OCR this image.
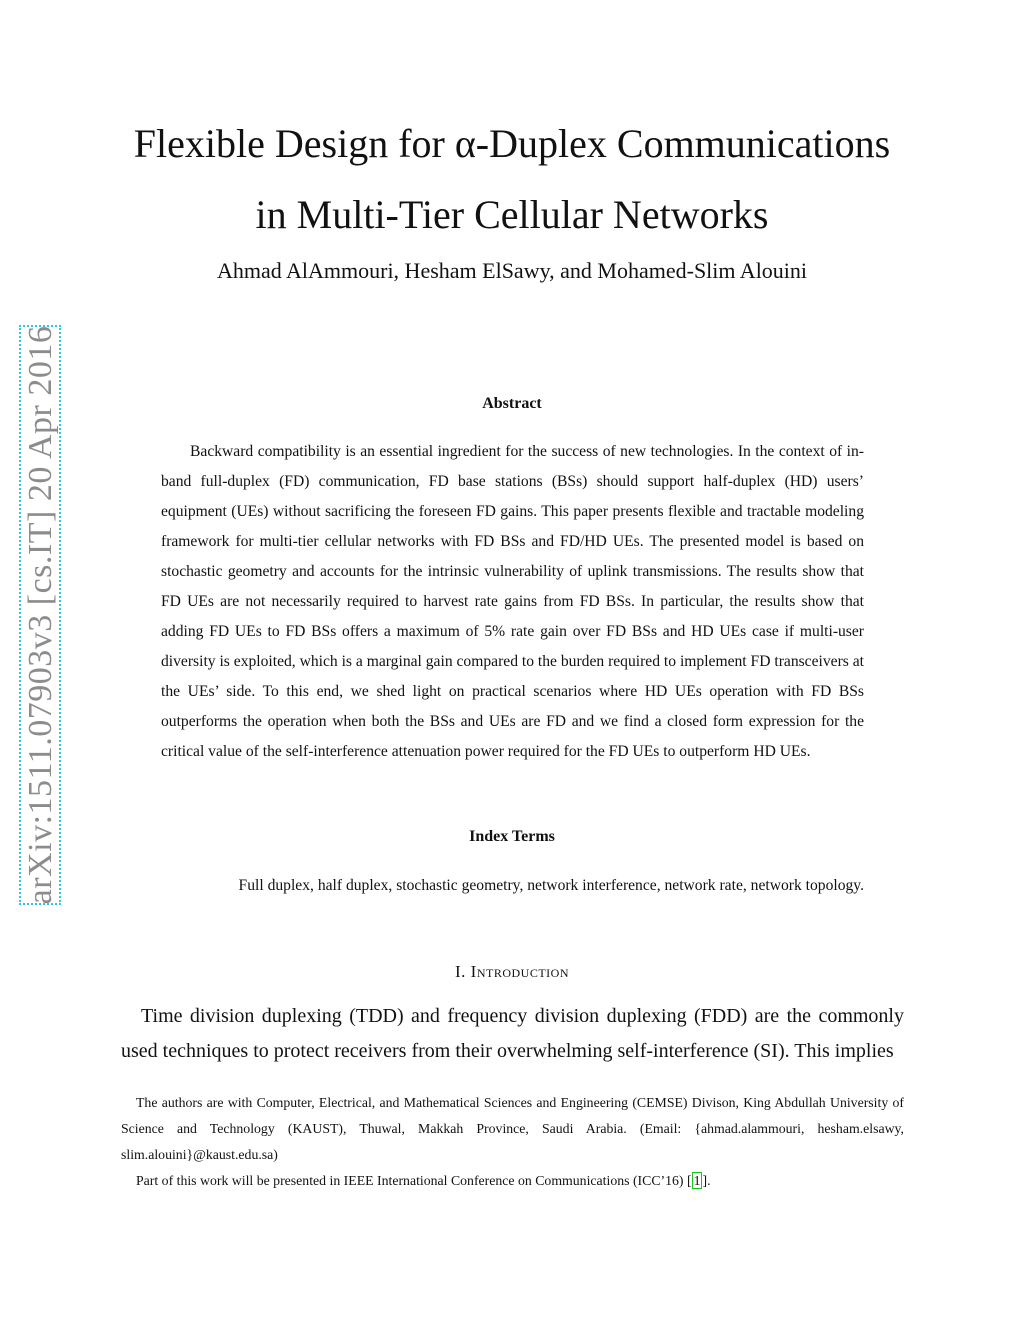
arXiv:1511.07903v3 [cs.IT] 20 Apr 2016
Flexible Design for α-Duplex Communications
in Multi-Tier Cellular Networks
Ahmad AlAmmouri, Hesham ElSawy, and Mohamed-Slim Alouini
Abstract
Backward compatibility is an essential ingredient for the success of new technologies. In the context of in-band full-duplex (FD) communication, FD base stations (BSs) should support half-duplex (HD) users’ equipment (UEs) without sacrificing the foreseen FD gains. This paper presents flexible and tractable modeling framework for multi-tier cellular networks with FD BSs and FD/HD UEs. The presented model is based on stochastic geometry and accounts for the intrinsic vulnerability of uplink transmissions. The results show that FD UEs are not necessarily required to harvest rate gains from FD BSs. In particular, the results show that adding FD UEs to FD BSs offers a maximum of 5% rate gain over FD BSs and HD UEs case if multi-user diversity is exploited, which is a marginal gain compared to the burden required to implement FD transceivers at the UEs’ side. To this end, we shed light on practical scenarios where HD UEs operation with FD BSs outperforms the operation when both the BSs and UEs are FD and we find a closed form expression for the critical value of the self-interference attenuation power required for the FD UEs to outperform HD UEs.
Index Terms
Full duplex, half duplex, stochastic geometry, network interference, network rate, network topology.
I. Introduction
Time division duplexing (TDD) and frequency division duplexing (FDD) are the commonly used techniques to protect receivers from their overwhelming self-interference (SI). This implies
The authors are with Computer, Electrical, and Mathematical Sciences and Engineering (CEMSE) Divison, King Abdullah University of Science and Technology (KAUST), Thuwal, Makkah Province, Saudi Arabia. (Email: {ahmad.alammouri, hesham.elsawy, slim.alouini}@kaust.edu.sa)
Part of this work will be presented in IEEE International Conference on Communications (ICC’16) [ 1 ].
